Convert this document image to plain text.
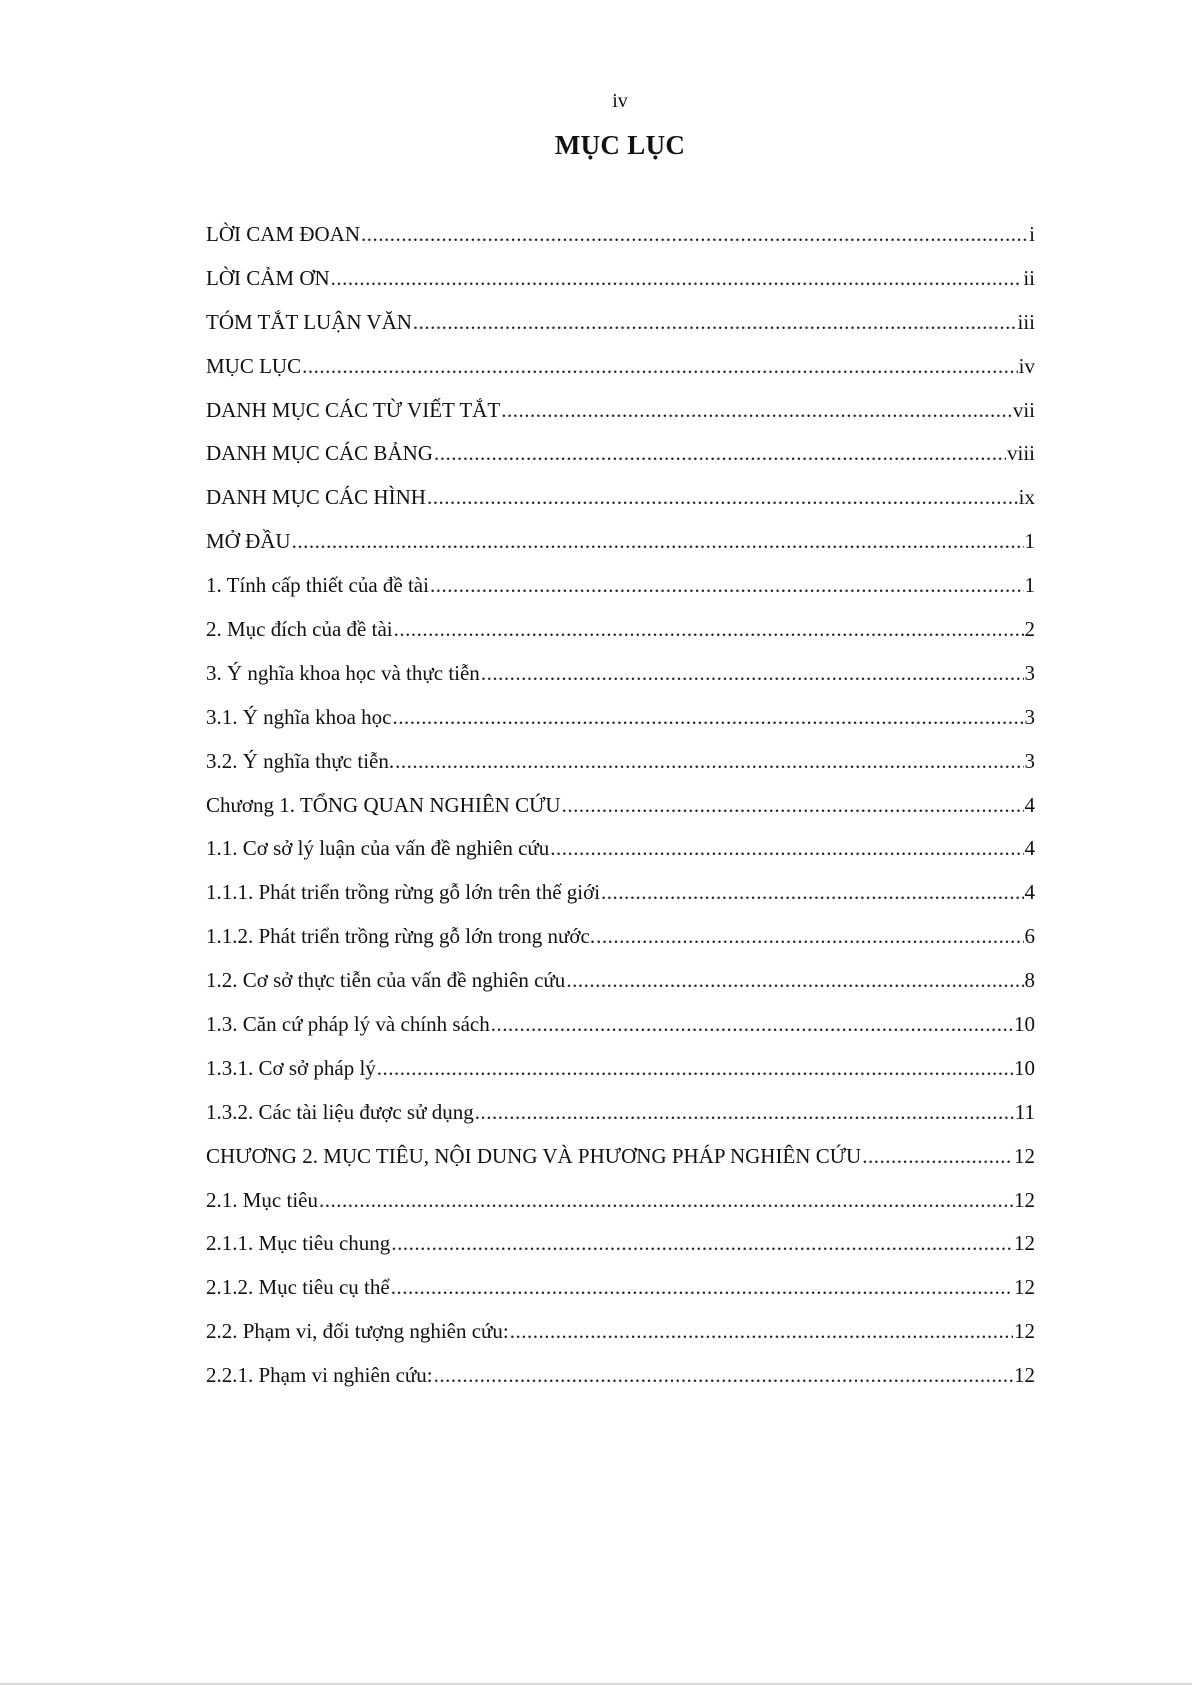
iv
MỤC LỤC
LỜI CAM ĐOAN .....	i
LỜI CẢM ƠN .....	ii
TÓM TẮT LUẬN VĂN .....	iii
MỤC LỤC .....	iv
DANH MỤC CÁC TỪ VIẾT TẮT .....	vii
DANH MỤC CÁC BẢNG .....	viii
DANH MỤC CÁC HÌNH .....	ix
MỞ ĐẦU .....	1
1. Tính cấp thiết của đề tài .....	1
2. Mục đích của đề tài .....	2
3. Ý nghĩa khoa học và thực tiễn .....	3
3.1. Ý nghĩa khoa học .....	3
3.2. Ý nghĩa thực tiễn. .....	3
Chương 1. TỔNG QUAN NGHIÊN CỨU .....	4
1.1. Cơ sở lý luận của vấn đề nghiên cứu .....	4
1.1.1. Phát triển trồng rừng gỗ lớn trên thế giới .....	4
1.1.2. Phát triển trồng rừng gỗ lớn trong nước. .....	6
1.2. Cơ sở thực tiễn của vấn đề nghiên cứu .....	8
1.3. Căn cứ pháp lý và chính sách .....	10
1.3.1. Cơ sở pháp lý .....	10
1.3.2. Các tài liệu được sử dụng .....	11
CHƯƠNG 2. MỤC TIÊU, NỘI DUNG VÀ PHƯƠNG PHÁP NGHIÊN CỨU .....	12
2.1. Mục tiêu .....	12
2.1.1. Mục tiêu chung .....	12
2.1.2. Mục tiêu cụ thể .....	12
2.2. Phạm vi, đối tượng nghiên cứu: .....	12
2.2.1. Phạm vi nghiên cứu: .....	12
